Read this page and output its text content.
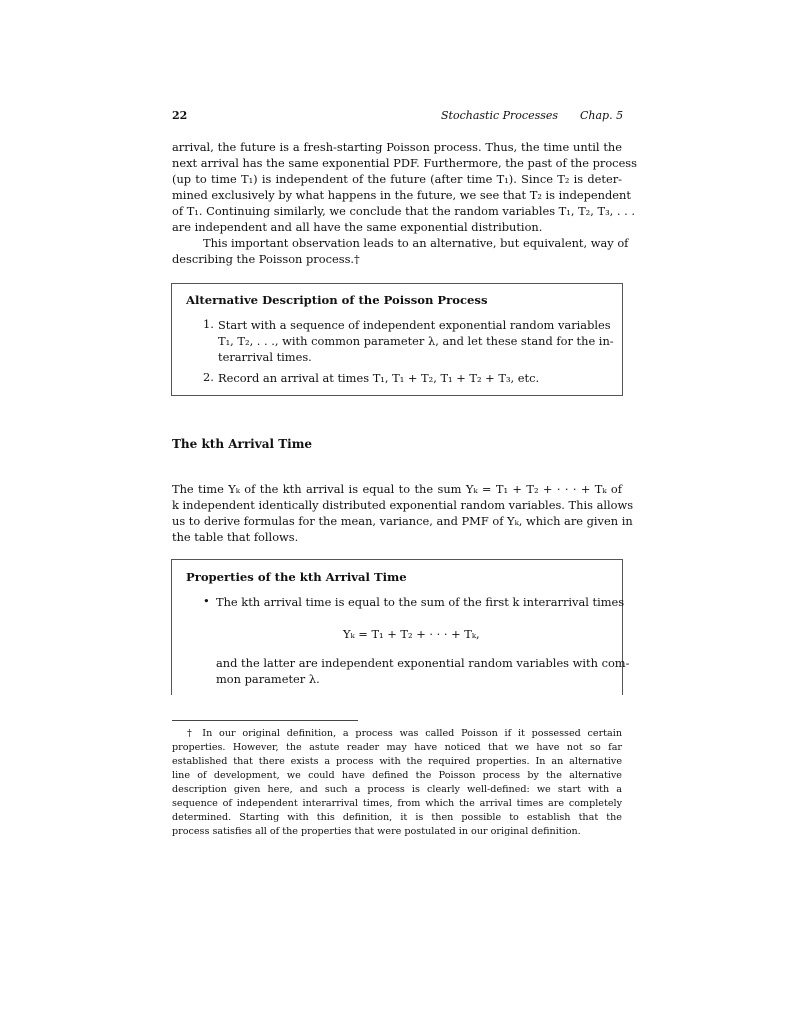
22	Stochastic Processes Chap. 5
arrival, the future is a fresh-starting Poisson process. Thus, the time until the
next arrival has the same exponential PDF. Furthermore, the past of the process
(up to time T₁) is independent of the future (after time T₁). Since T₂ is deter-
mined exclusively by what happens in the future, we see that T₂ is independent
of T₁. Continuing similarly, we conclude that the random variables T₁, T₂, T₃, . . .
are independent and all have the same exponential distribution.
This important observation leads to an alternative, but equivalent, way of
describing the Poisson process.†
Alternative Description of the Poisson Process
1. Start with a sequence of independent exponential random variables
T₁, T₂, . . ., with common parameter λ, and let these stand for the in-
terarrival times.
2. Record an arrival at times T₁, T₁ + T₂, T₁ + T₂ + T₃, etc.
The kth Arrival Time
The time Yₖ of the kth arrival is equal to the sum Yₖ = T₁ + T₂ + · · · + Tₖ of
k independent identically distributed exponential random variables. This allows
us to derive formulas for the mean, variance, and PMF of Yₖ, which are given in
the table that follows.
Properties of the kth Arrival Time
• The kth arrival time is equal to the sum of the first k interarrival times
Yₖ = T₁ + T₂ + · · · + Tₖ,
and the latter are independent exponential random variables with com-
mon parameter λ.
† In our original definition, a process was called Poisson if it possessed certain
properties. However, the astute reader may have noticed that we have not so far
established that there exists a process with the required properties. In an alternative
line of development, we could have defined the Poisson process by the alternative
description given here, and such a process is clearly well-defined: we start with a
sequence of independent interarrival times, from which the arrival times are completely
determined. Starting with this definition, it is then possible to establish that the
process satisfies all of the properties that were postulated in our original definition.
